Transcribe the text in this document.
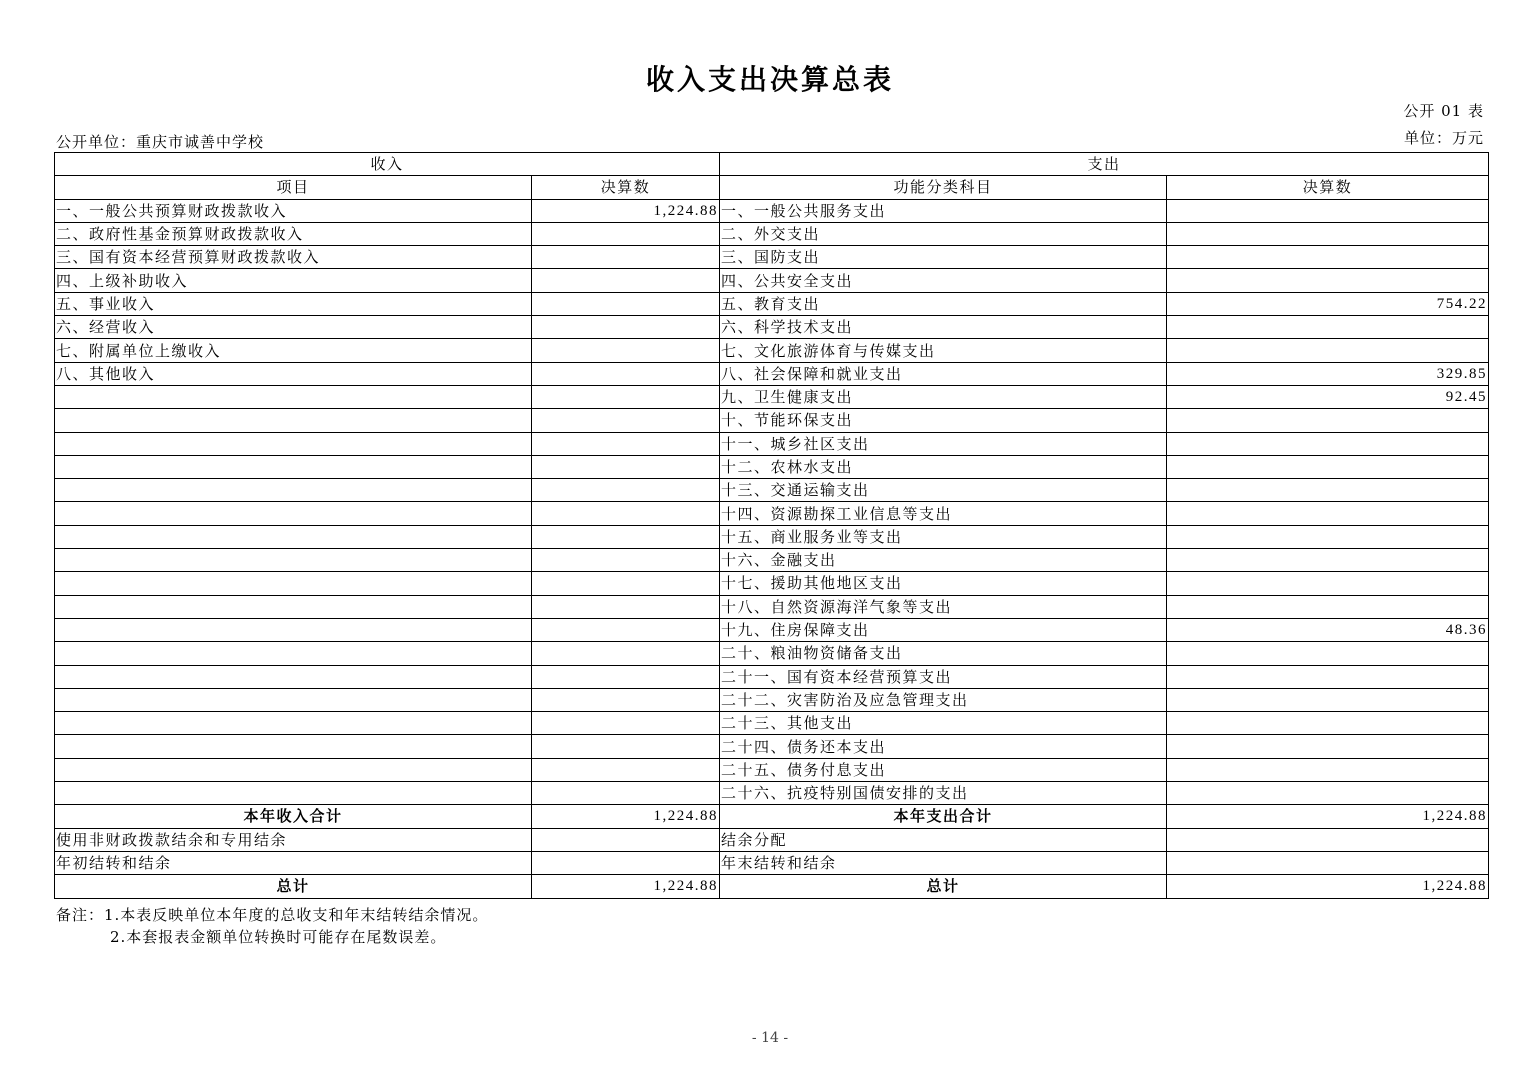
收入支出决算总表
公开 01 表
公开单位：重庆市诚善中学校	单位：万元
收入		支出	
项目	决算数	功能分类科目	决算数
一、一般公共预算财政拨款收入	1,224.88	一、一般公共服务支出	
二、政府性基金预算财政拨款收入		二、外交支出	
三、国有资本经营预算财政拨款收入		三、国防支出	
四、上级补助收入		四、公共安全支出	
五、事业收入		五、教育支出	754.22
六、经营收入		六、科学技术支出	
七、附属单位上缴收入		七、文化旅游体育与传媒支出	
八、其他收入		八、社会保障和就业支出	329.85
		九、卫生健康支出	92.45
		十、节能环保支出	
		十一、城乡社区支出	
		十二、农林水支出	
		十三、交通运输支出	
		十四、资源勘探工业信息等支出	
		十五、商业服务业等支出	
		十六、金融支出	
		十七、援助其他地区支出	
		十八、自然资源海洋气象等支出	
		十九、住房保障支出	48.36
		二十、粮油物资储备支出	
		二十一、国有资本经营预算支出	
		二十二、灾害防治及应急管理支出	
		二十三、其他支出	
		二十四、债务还本支出	
		二十五、债务付息支出	
		二十六、抗疫特别国债安排的支出	
本年收入合计	1,224.88	本年支出合计	1,224.88
使用非财政拨款结余和专用结余		结余分配	
年初结转和结余		年末结转和结余	
总计	1,224.88	总计	1,224.88
备注：1.本表反映单位本年度的总收支和年末结转结余情况。
2.本套报表金额单位转换时可能存在尾数误差。
- 14 -
